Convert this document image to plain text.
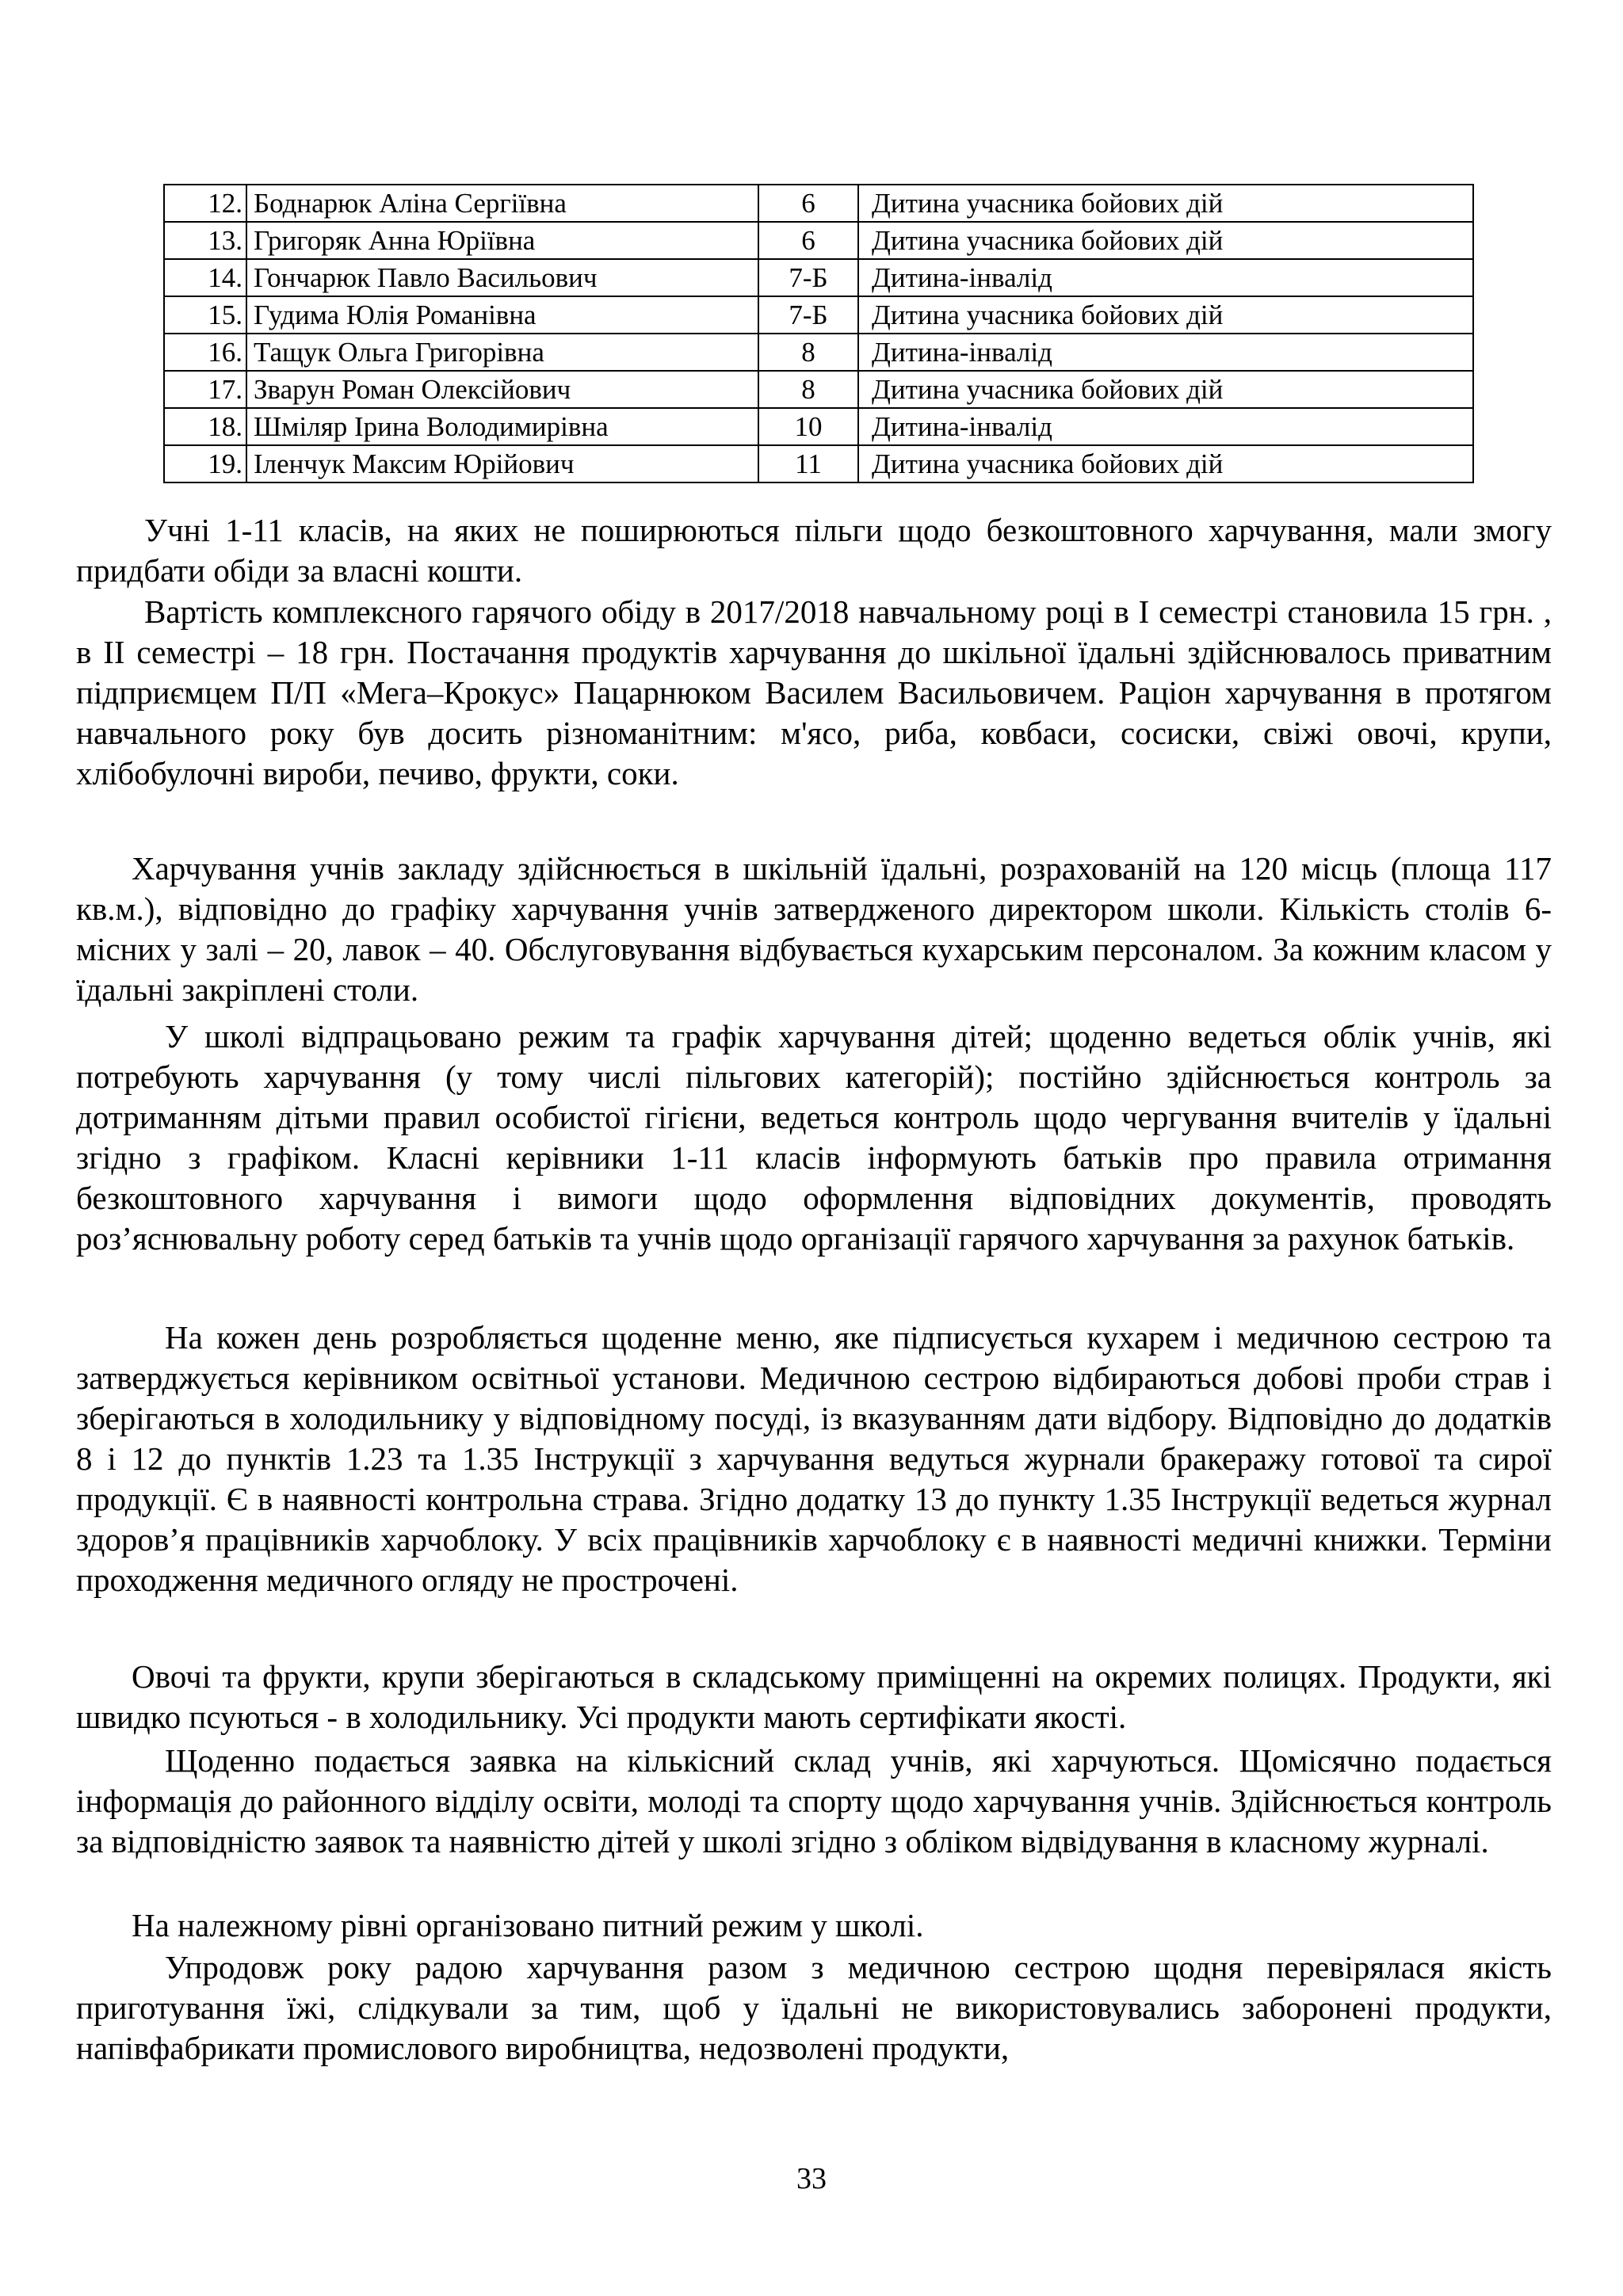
12.	Боднарюк Аліна Сергіївна	6	Дитина учасника бойових дій
13.	Григоряк Анна Юріївна	6	Дитина учасника бойових дій
14.	Гончарюк Павло Васильович	7-Б	Дитина-інвалід
15.	Гудима Юлія Романівна	7-Б	Дитина учасника бойових дій
16.	Тащук Ольга Григорівна	8	Дитина-інвалід
17.	Зварун Роман Олексійович	8	Дитина учасника бойових дій
18.	Шміляр Ірина Володимирівна	10	Дитина-інвалід
19.	Іленчук Максим Юрійович	11	Дитина учасника бойових дій

Учні 1-11 класів, на яких не поширюються пільги щодо безкоштовного харчування, мали змогу придбати обіди за власні кошти.

Вартість комплексного гарячого обіду в 2017/2018 навчальному році в І семестрі становила 15 грн. , в ІІ семестрі – 18 грн. Постачання продуктів харчування до шкільної їдальні здійснювалось приватним підприємцем П/П «Мега–Крокус» Пацарнюком Василем Васильовичем. Раціон харчування в протягом навчального року був досить різноманітним: м'ясо, риба, ковбаси, сосиски, свіжі овочі, крупи, хлібобулочні вироби, печиво, фрукти, соки.

Харчування учнів закладу здійснюється в шкільній їдальні, розрахованій на 120 місць (площа 117 кв.м.), відповідно до графіку харчування учнів затвердженого директором школи. Кількість столів 6-місних у залі – 20, лавок – 40. Обслуговування відбувається кухарським персоналом. За кожним класом у їдальні закріплені столи.

У школі відпрацьовано режим та графік харчування дітей; щоденно ведеться облік учнів, які потребують харчування (у тому числі пільгових категорій); постійно здійснюється контроль за дотриманням дітьми правил особистої гігієни, ведеться контроль щодо чергування вчителів у їдальні згідно з графіком. Класні керівники 1-11 класів інформують батьків про правила отримання безкоштовного харчування і вимоги щодо оформлення відповідних документів, проводять роз’яснювальну роботу серед батьків та учнів щодо організації гарячого харчування за рахунок батьків.

На кожен день розробляється щоденне меню, яке підписується кухарем і медичною сестрою та затверджується керівником освітньої установи. Медичною сестрою відбираються добові проби страв і зберігаються в холодильнику у відповідному посуді, із вказуванням дати відбору. Відповідно до додатків 8 і 12 до пунктів 1.23 та 1.35 Інструкції з харчування ведуться журнали бракеражу готової та сирої продукції. Є в наявності контрольна страва. Згідно додатку 13 до пункту 1.35 Інструкції ведеться журнал здоров’я працівників харчоблоку. У всіх працівників харчоблоку є в наявності медичні книжки. Терміни проходження медичного огляду не прострочені.

Овочі та фрукти, крупи зберігаються в складському приміщенні на окремих полицях. Продукти, які швидко псуються - в холодильнику. Усі продукти мають сертифікати якості.

Щоденно подається заявка на кількісний склад учнів, які харчуються. Щомісячно подається інформація до районного відділу освіти, молоді та спорту щодо харчування учнів. Здійснюється контроль за відповідністю заявок та наявністю дітей у школі згідно з обліком відвідування в класному журналі.

На належному рівні організовано питний режим у школі.

Упродовж року радою харчування разом з медичною сестрою щодня перевірялася якість приготування їжі, слідкували за тим, щоб у їдальні не використовувались заборонені продукти, напівфабрикати промислового виробництва, недозволені продукти,

33
